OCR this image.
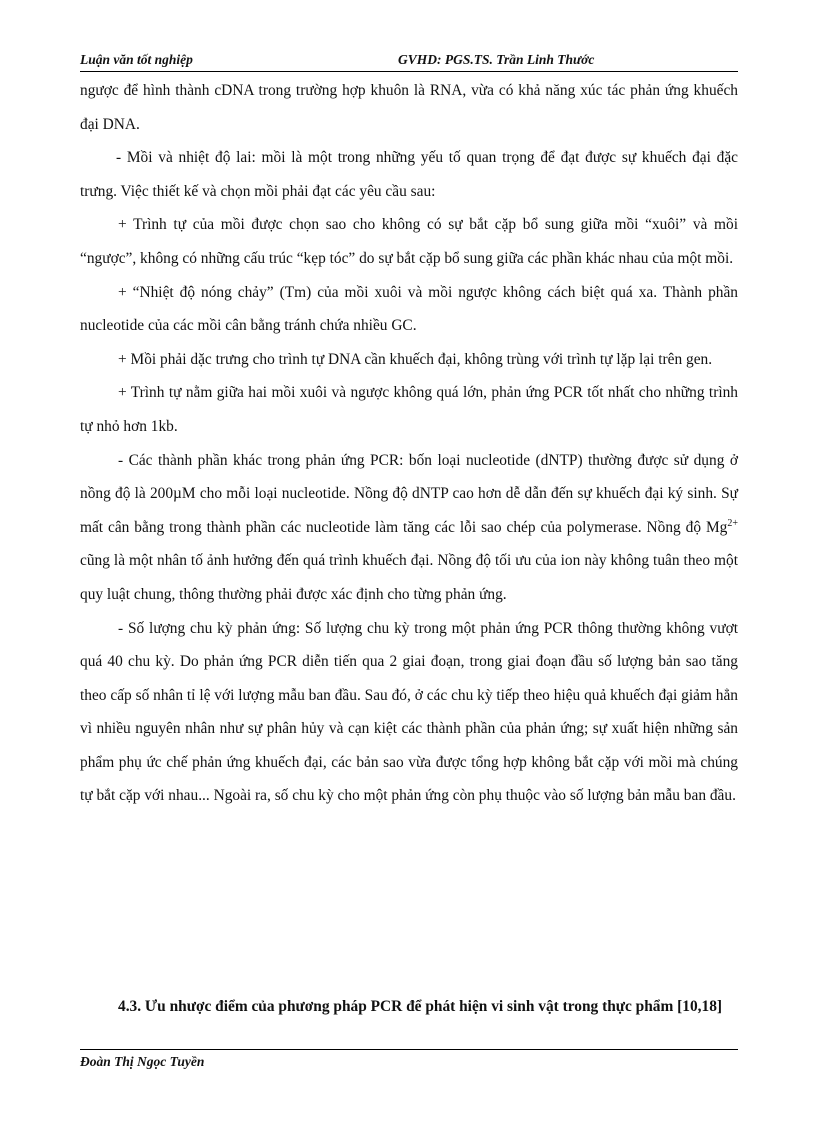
Luận văn tốt nghiệp	GVHD: PGS.TS. Trần Linh Thước

ngược để hình thành cDNA trong trường hợp khuôn là RNA, vừa có khả năng xúc tác phản ứng khuếch đại DNA.

- Mồi và nhiệt độ lai: mồi là một trong những yếu tố quan trọng để đạt được sự khuếch đại đặc trưng. Việc thiết kế và chọn mồi phải đạt các yêu cầu sau:

+ Trình tự của mồi được chọn sao cho không có sự bắt cặp bổ sung giữa mồi “xuôi” và mồi “ngược”, không có những cấu trúc “kẹp tóc” do sự bắt cặp bổ sung giữa các phần khác nhau của một mồi.

+ “Nhiệt độ nóng chảy” (Tm) của mồi xuôi và mồi ngược không cách biệt quá xa. Thành phần nucleotide của các mồi cân bằng tránh chứa nhiều GC.

+ Mồi phải dặc trưng cho trình tự DNA cần khuếch đại, không trùng với trình tự lặp lại trên gen.

+ Trình tự nằm giữa hai mồi xuôi và ngược không quá lớn, phản ứng PCR tốt nhất cho những trình tự nhỏ hơn 1kb.

- Các thành phần khác trong phản ứng PCR: bốn loại nucleotide (dNTP) thường được sử dụng ở nồng độ là 200µM cho mỗi loại nucleotide. Nồng độ dNTP cao hơn dễ dẫn đến sự khuếch đại ký sinh. Sự mất cân bằng trong thành phần các nucleotide làm tăng các lỗi sao chép của polymerase. Nồng độ $Mg^{2+}$ cũng là một nhân tố ảnh hưởng đến quá trình khuếch đại. Nồng độ tối ưu của ion này không tuân theo một quy luật chung, thông thường phải được xác định cho từng phản ứng.

- Số lượng chu kỳ phản ứng: Số lượng chu kỳ trong một phản ứng PCR thông thường không vượt quá 40 chu kỳ. Do phản ứng PCR diễn tiến qua 2 giai đoạn, trong giai đoạn đầu số lượng bản sao tăng theo cấp số nhân tỉ lệ với lượng mẫu ban đầu. Sau đó, ở các chu kỳ tiếp theo hiệu quả khuếch đại giảm hẳn vì nhiều nguyên nhân như sự phân hủy và cạn kiệt các thành phần của phản ứng; sự xuất hiện những sản phẩm phụ ức chế phản ứng khuếch đại, các bản sao vừa được tổng hợp không bắt cặp với mồi mà chúng tự bắt cặp với nhau... Ngoài ra, số chu kỳ cho một phản ứng còn phụ thuộc vào số lượng bản mẫu ban đầu.

4.3. Ưu nhược điểm của phương pháp PCR để phát hiện vi sinh vật trong thực phẩm [10,18]

Đoàn Thị Ngọc Tuyền
